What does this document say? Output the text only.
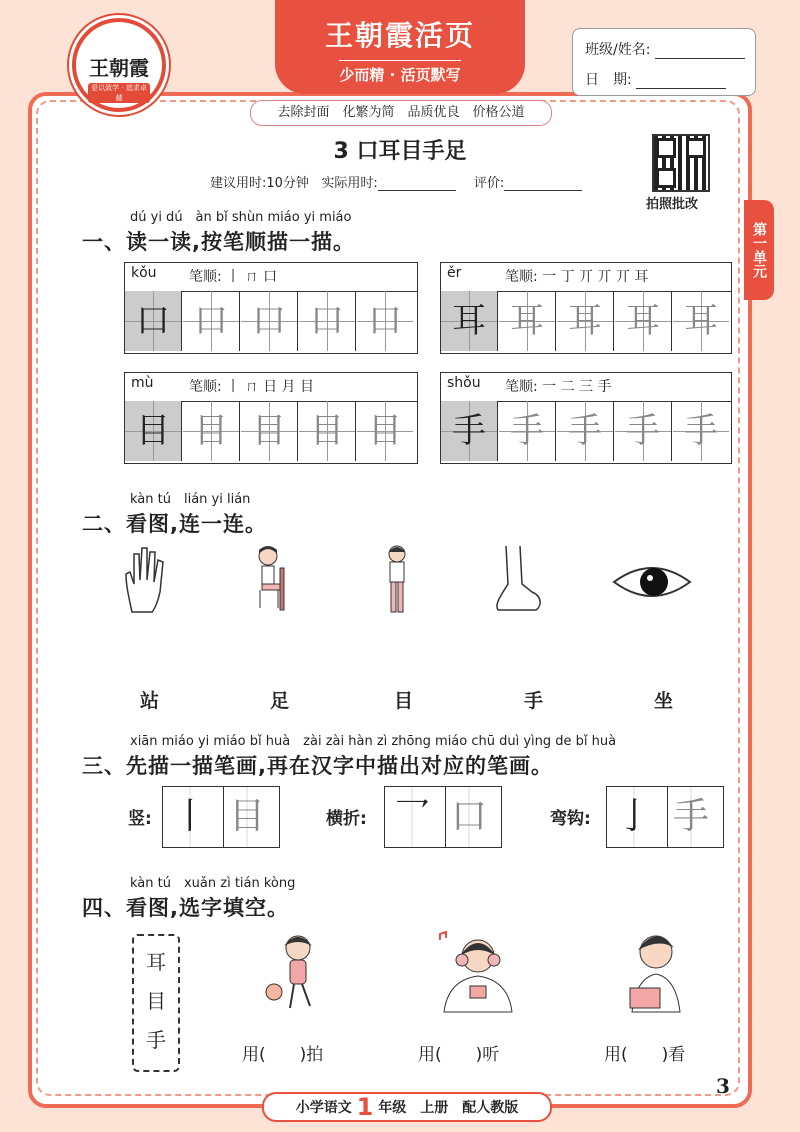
王朝霞
是以致学 · 追求卓越
王朝霞活页
少而精 · 活页默写
班级/姓名:
日　期:
去除封面　化繁为简　品质优良　价格公道
第一单元
3 口耳目手足
建议用时:10分钟 实际用时:	评价:
拍照批改
dú yi dú　àn bǐ shùn miáo yi miáo
一、读一读,按笔顺描一描。
kǒu 笔顺: 丨 ㄇ 口
口 口 口 口 口
ěr	笔顺: 一 丁 丌 丌 丌 耳
耳 耳 耳 耳 耳
mù	笔顺: 丨 ㄇ 日 月 目
目 目 目 目 目
shǒu 笔顺: 一 二 三 手
手 手 手 手 手
kàn tú　lián yi lián
二、看图,连一连。
站	足	目	手	坐
xiān miáo yi miáo bǐ huà　zài zài hàn zì zhōng miáo chū duì yìng de bǐ huà
三、先描一描笔画,再在汉字中描出对应的笔画。
竖: 丨 目	横折: 乛 口	弯钩: 亅 手
kàn tú　xuǎn zì tián kòng
四、看图,选字填空。
耳
目
手
用(　　)拍	用(　　)听	用(　　)看
小学语文 1 年级　上册　配人教版
3
